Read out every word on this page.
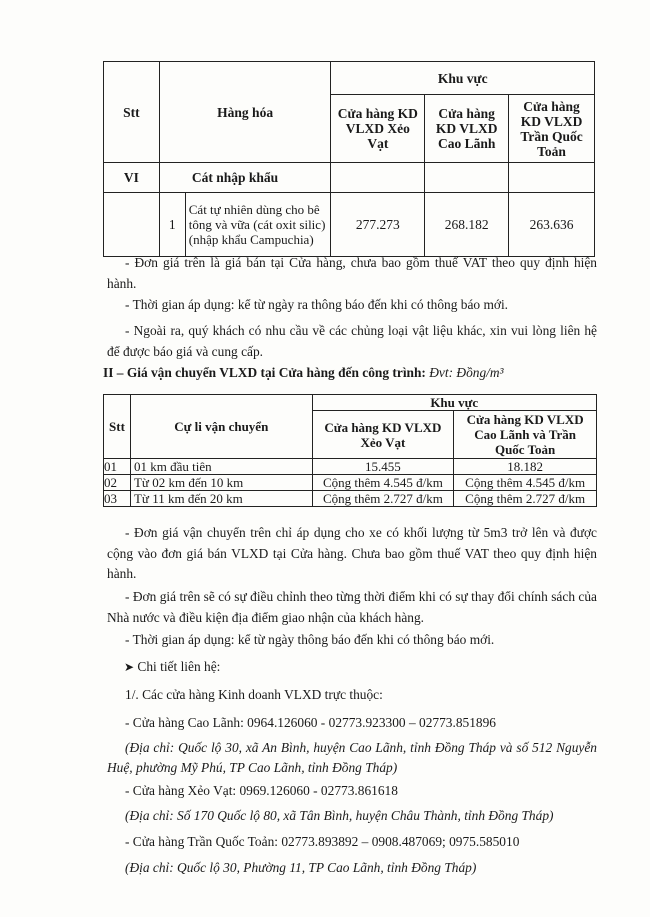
Stt	Hàng hóa		Khu vực		
			Cửa hàng KD VLXD Xẻo Vạt	Cửa hàng KD VLXD Cao Lãnh	Cửa hàng KD VLXD Trần Quốc Toản
VI	Cát nhập khẩu				
	1	Cát tự nhiên dùng cho bê tông và vữa (cát oxit silic) (nhập khẩu Campuchia)	277.273	268.182	263.636
- Đơn giá trên là giá bán tại Cửa hàng, chưa bao gồm thuế VAT theo quy định hiện hành.
- Thời gian áp dụng: kể từ ngày ra thông báo đến khi có thông báo mới.
- Ngoài ra, quý khách có nhu cầu về các chủng loại vật liệu khác, xin vui lòng liên hệ để được báo giá và cung cấp.
II – Giá vận chuyển VLXD tại Cửa hàng đến công trình: Đvt: Đồng/m³
Stt	Cự li vận chuyển	Khu vực	
		Cửa hàng KD VLXD Xẻo Vạt	Cửa hàng KD VLXD Cao Lãnh và Trần Quốc Toản
01	01 km đầu tiên	15.455	18.182
02	Từ 02 km đến 10 km	Cộng thêm 4.545 đ/km	Cộng thêm 4.545 đ/km
03	Từ 11 km đến 20 km	Cộng thêm 2.727 đ/km	Cộng thêm 2.727 đ/km
- Đơn giá vận chuyển trên chỉ áp dụng cho xe có khối lượng từ 5m3 trở lên và được cộng vào đơn giá bán VLXD tại Cửa hàng. Chưa bao gồm thuế VAT theo quy định hiện hành.
- Đơn giá trên sẽ có sự điều chỉnh theo từng thời điểm khi có sự thay đổi chính sách của Nhà nước và điều kiện địa điểm giao nhận của khách hàng.
- Thời gian áp dụng: kể từ ngày thông báo đến khi có thông báo mới.
➤ Chi tiết liên hệ:
1/. Các cửa hàng Kinh doanh VLXD trực thuộc:
- Cửa hàng Cao Lãnh: 0964.126060 - 02773.923300 – 02773.851896
(Địa chỉ: Quốc lộ 30, xã An Bình, huyện Cao Lãnh, tỉnh Đồng Tháp và số 512 Nguyễn Huệ, phường Mỹ Phú, TP Cao Lãnh, tỉnh Đồng Tháp)
- Cửa hàng Xẻo Vạt: 0969.126060 - 02773.861618
(Địa chỉ: Số 170 Quốc lộ 80, xã Tân Bình, huyện Châu Thành, tỉnh Đồng Tháp)
- Cửa hàng Trần Quốc Toản: 02773.893892 – 0908.487069; 0975.585010
(Địa chỉ: Quốc lộ 30, Phường 11, TP Cao Lãnh, tỉnh Đồng Tháp)
